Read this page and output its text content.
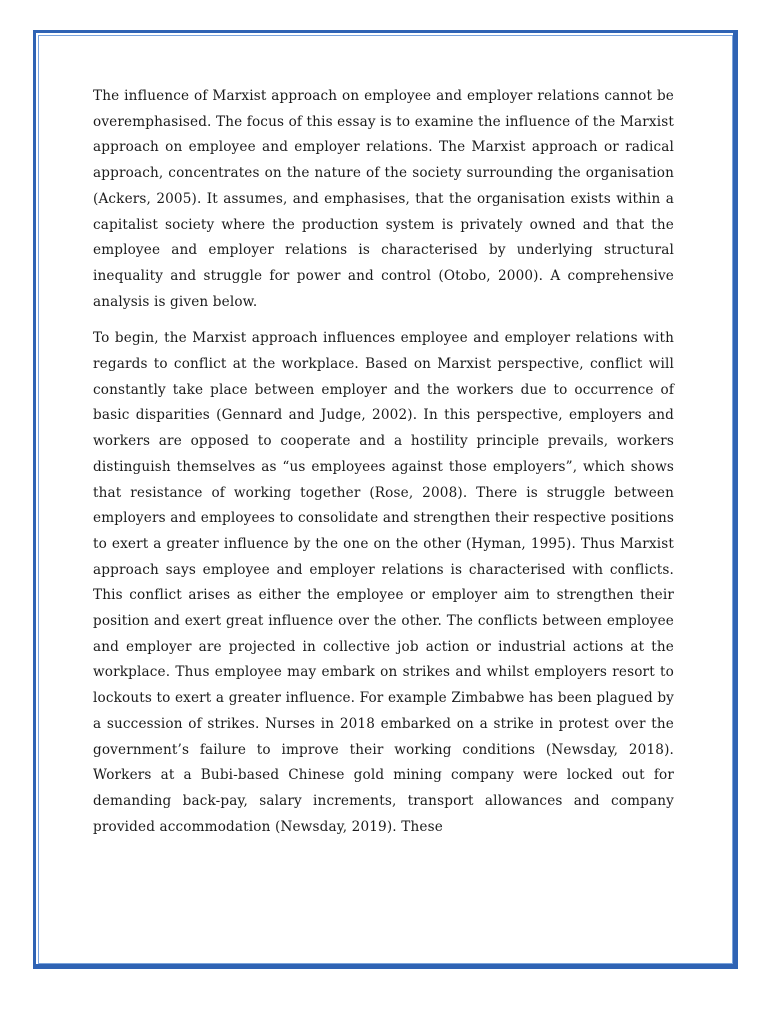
The influence of Marxist approach on employee and employer relations cannot be overemphasised. The focus of this essay is to examine the influence of the Marxist approach on employee and employer relations. The Marxist approach or radical approach, concentrates on the nature of the society surrounding the organisation (Ackers, 2005). It assumes, and emphasises, that the organisation exists within a capitalist society where the production system is privately owned and that the employee and employer relations is characterised by underlying structural inequality and struggle for power and control (Otobo, 2000). A comprehensive analysis is given below.

To begin, the Marxist approach influences employee and employer relations with regards to conflict at the workplace. Based on Marxist perspective, conflict will constantly take place between employer and the workers due to occurrence of basic disparities (Gennard and Judge, 2002). In this perspective, employers and workers are opposed to cooperate and a hostility principle prevails, workers distinguish themselves as “us employees against those employers”, which shows that resistance of working together (Rose, 2008). There is struggle between employers and employees to consolidate and strengthen their respective positions to exert a greater influence by the one on the other (Hyman, 1995). Thus Marxist approach says employee and employer relations is characterised with conflicts. This conflict arises as either the employee or employer aim to strengthen their position and exert great influence over the other. The conflicts between employee and employer are projected in collective job action or industrial actions at the workplace. Thus employee may embark on strikes and whilst employers resort to lockouts to exert a greater influence. For example Zimbabwe has been plagued by a succession of strikes. Nurses in 2018 embarked on a strike in protest over the government’s failure to improve their working conditions (Newsday, 2018). Workers at a Bubi-based Chinese gold mining company were locked out for demanding back-pay, salary increments, transport allowances and company provided accommodation (Newsday, 2019). These
